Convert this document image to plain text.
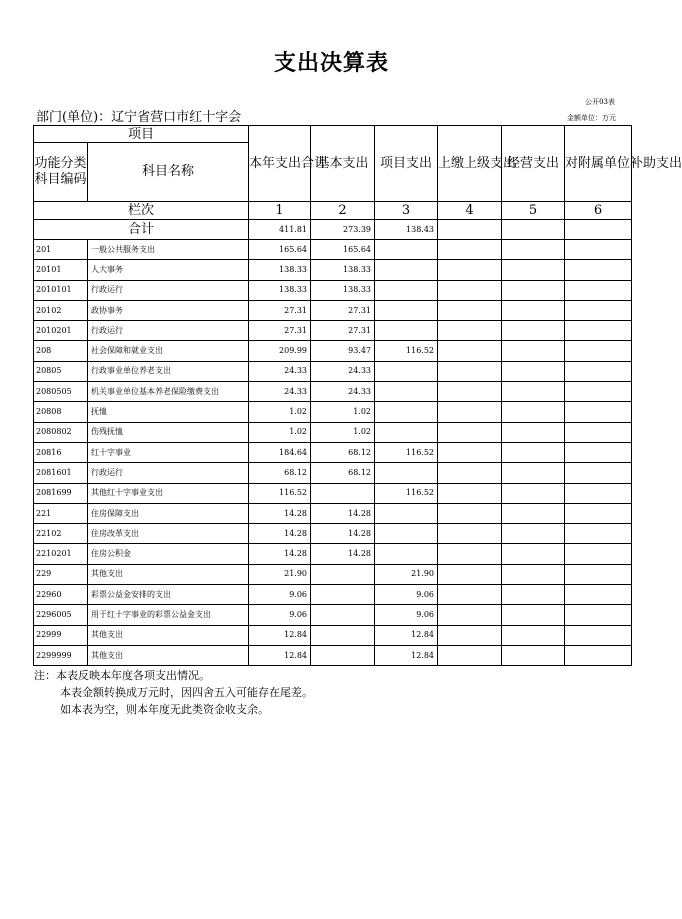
支出决算表
部门(单位)：辽宁省营口市红十字会
公开03表
金额单位：万元
项目		本年支出合计	基本支出	项目支出	上缴上级支出	经营支出	对附属单位补助支出
功能分类科目编码	科目名称						
栏次		1	2	3	4	5	6
合计		411.81	273.39	138.43			
201	一般公共服务支出	165.64	165.64				
20101	人大事务	138.33	138.33				
2010101	行政运行	138.33	138.33				
20102	政协事务	27.31	27.31				
2010201	行政运行	27.31	27.31				
208	社会保障和就业支出	209.99	93.47	116.52			
20805	行政事业单位养老支出	24.33	24.33				
2080505	机关事业单位基本养老保险缴费支出	24.33	24.33				
20808	抚恤	1.02	1.02				
2080802	伤残抚恤	1.02	1.02				
20816	红十字事业	184.64	68.12	116.52			
2081601	行政运行	68.12	68.12				
2081699	其他红十字事业支出	116.52		116.52			
221	住房保障支出	14.28	14.28				
22102	住房改革支出	14.28	14.28				
2210201	住房公积金	14.28	14.28				
229	其他支出	21.90		21.90			
22960	彩票公益金安排的支出	9.06		9.06			
2296005	用于红十字事业的彩票公益金支出	9.06		9.06			
22999	其他支出	12.84		12.84			
2299999	其他支出	12.84		12.84			
注：本表反映本年度各项支出情况。
本表金额转换成万元时，因四舍五入可能存在尾差。
如本表为空，则本年度无此类资金收支余。
